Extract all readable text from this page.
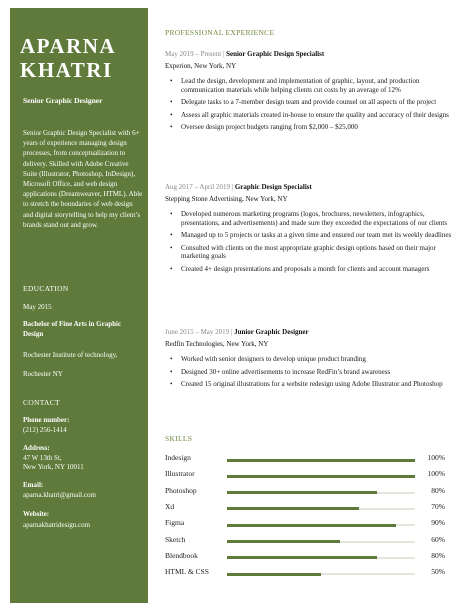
APARNA
KHATRI
Senior Graphic Designer
Senior Graphic Design Specialist with 6+ years of experience managing design processes, from conceptualization to delivery. Skilled with Adobe Creative Suite (Illustrator, Photoshop, InDesign), Microsoft Office, and web design applications (Dreamweaver, HTML). Able to stretch the boundaries of web design and digital storytelling to help my client’s brands stand out and grow.
EDUCATION
May 2015
Bachelor of Fine Arts in Graphic Design
Rochester Institute of technology,
Rochester NY
CONTACT
Phone number:
(212) 256-1414
Address:
47 W 13th St,
New York, NY 10011
Email:
aparna.khatri@gmail.com
Website:
aparnakhatridesign.com
PROFESSIONAL EXPERIENCE
May 2019 – Present | Senior Graphic Design Specialist
Experion, New York, NY
• Lead the design, development and implementation of graphic, layout, and production communication materials while helping clients cut costs by an average of 12%
• Delegate tasks to a 7-member design team and provide counsel on all aspects of the project
• Assess all graphic materials created in-house to ensure the quality and accuracy of their designs
• Oversee design project budgets ranging from $2,000 – $25,000
Aug 2017 – April 2019 | Graphic Design Specialist
Stepping Stone Advertising, New York, NY
• Developed numerous marketing programs (logos, brochures, newsletters, infographics, presentations, and advertisements) and made sure they exceeded the expectations of our clients
• Managed up to 5 projects or tasks at a given time and ensured our team met its weekly deadlines
• Consulted with clients on the most appropriate graphic design options based on their major marketing goals
• Created 4+ design presentations and proposals a month for clients and account managers
June 2015 – May 2019 | Junior Graphic Designer
Redfin Technologies, New York, NY
• Worked with senior designers to develop unique product branding
• Designed 30+ online advertisements to increase RedFin’s brand awareness
• Created 15 original illustrations for a website redesign using Adobe Illustrator and Photoshop
SKILLS
Indesign	100%
Illustrator	100%
Photoshop	80%
Xd	70%
Figma	90%
Sketch	60%
Blendbook	80%
HTML & CSS	50%
